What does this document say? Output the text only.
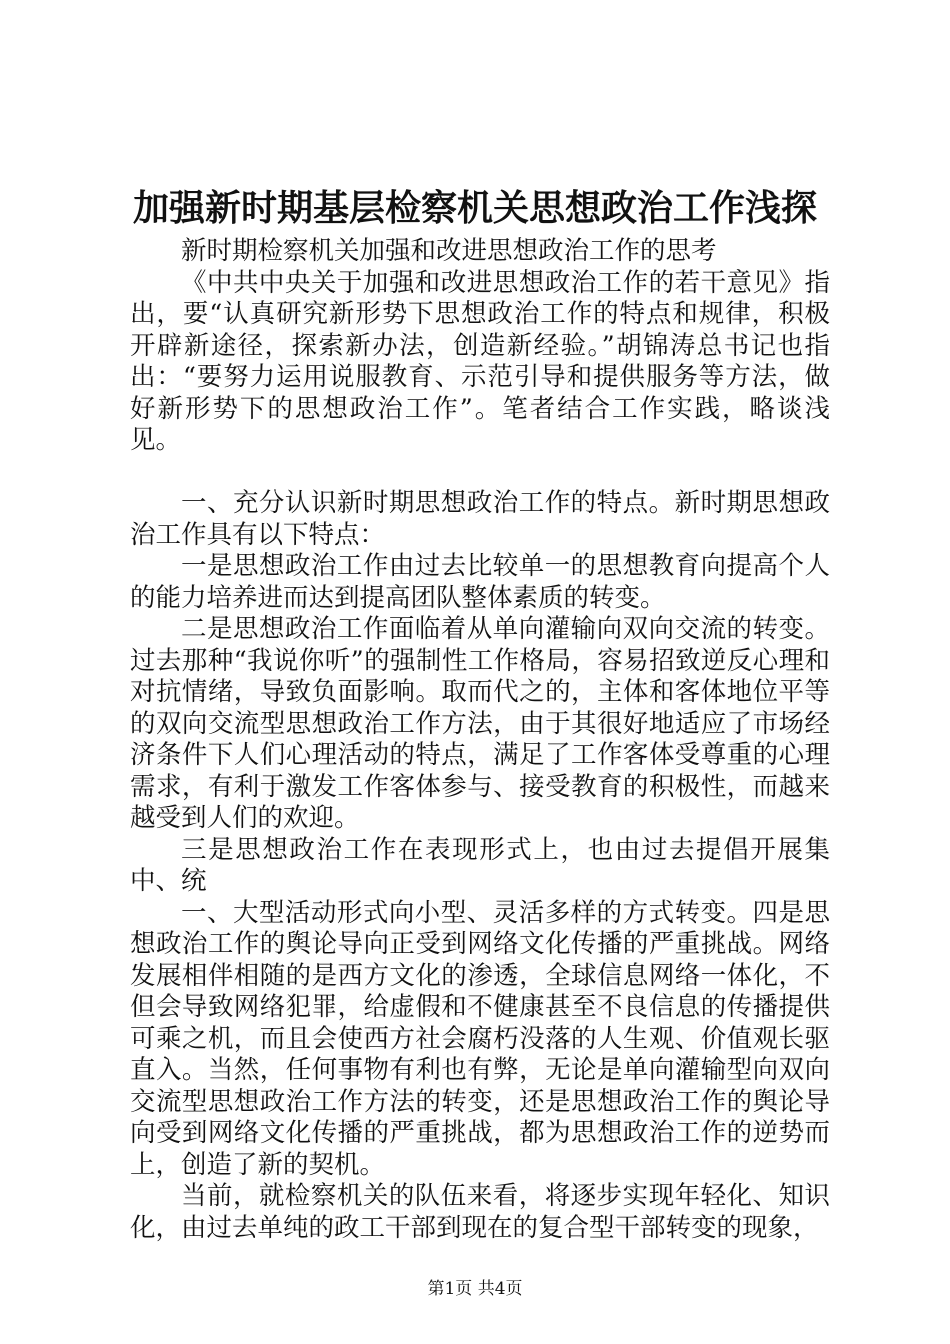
加强新时期基层检察机关思想政治工作浅探

新时期检察机关加强和改进思想政治工作的思考

《中共中央关于加强和改进思想政治工作的若干意见》指出，要“认真研究新形势下思想政治工作的特点和规律，积极开辟新途径，探索新办法，创造新经验。”胡锦涛总书记也指出：“要努力运用说服教育、示范引导和提供服务等方法，做好新形势下的思想政治工作”。笔者结合工作实践，略谈浅见。

一、充分认识新时期思想政治工作的特点。新时期思想政治工作具有以下特点：

一是思想政治工作由过去比较单一的思想教育向提高个人的能力培养进而达到提高团队整体素质的转变。

二是思想政治工作面临着从单向灌输向双向交流的转变。过去那种“我说你听”的强制性工作格局，容易招致逆反心理和对抗情绪，导致负面影响。取而代之的，主体和客体地位平等的双向交流型思想政治工作方法，由于其很好地适应了市场经济条件下人们心理活动的特点，满足了工作客体受尊重的心理需求，有利于激发工作客体参与、接受教育的积极性，而越来越受到人们的欢迎。

三是思想政治工作在表现形式上，也由过去提倡开展集中、统

一、大型活动形式向小型、灵活多样的方式转变。四是思想政治工作的舆论导向正受到网络文化传播的严重挑战。网络发展相伴相随的是西方文化的渗透，全球信息网络一体化，不但会导致网络犯罪，给虚假和不健康甚至不良信息的传播提供可乘之机，而且会使西方社会腐朽没落的人生观、价值观长驱直入。当然，任何事物有利也有弊，无论是单向灌输型向双向交流型思想政治工作方法的转变，还是思想政治工作的舆论导向受到网络文化传播的严重挑战，都为思想政治工作的逆势而上，创造了新的契机。

当前，就检察机关的队伍来看，将逐步实现年轻化、知识化，由过去单纯的政工干部到现在的复合型干部转变的现象，

第1页 共4页
